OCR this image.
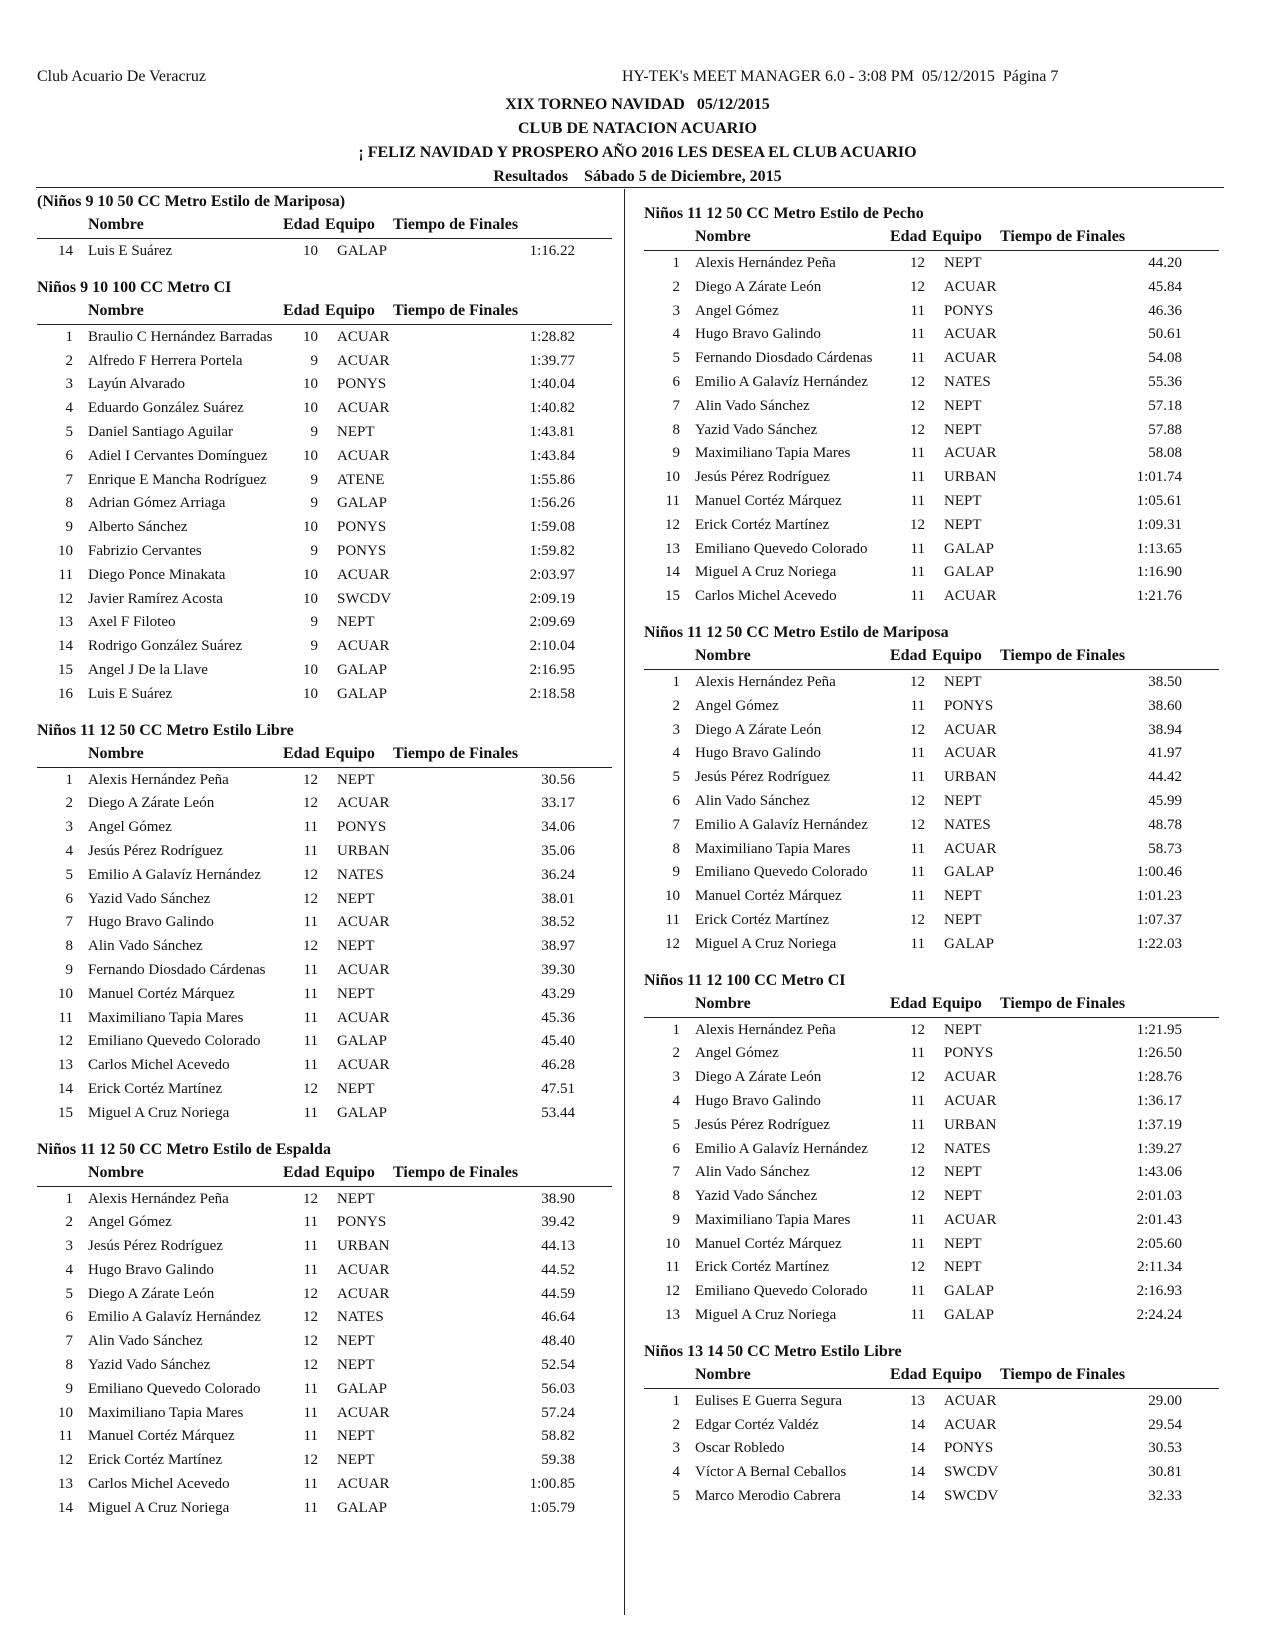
Club Acuario De Veracruz	HY-TEK's MEET MANAGER 6.0 - 3:08 PM  05/12/2015  Página 7
XIX TORNEO NAVIDAD   05/12/2015
CLUB DE NATACION ACUARIO
¡ FELIZ NAVIDAD Y PROSPERO AÑO 2016 LES DESEA EL CLUB ACUARIO
Resultados    Sábado 5 de Diciembre, 2015
(Niños 9 10 50 CC Metro Estilo de Mariposa)
Nombre	Edad Equipo Tiempo de Finales
14 Luis E Suárez	10 GALAP	1:16.22
Niños 9 10 100 CC Metro CI
Nombre	Edad Equipo Tiempo de Finales
1 Braulio C Hernández Barradas	10 ACUAR	1:28.82
2 Alfredo F Herrera Portela	9 ACUAR	1:39.77
3 Layún Alvarado	10 PONYS	1:40.04
4 Eduardo González Suárez	10 ACUAR	1:40.82
5 Daniel Santiago Aguilar	9 NEPT	1:43.81
6 Adiel I Cervantes Domínguez	10 ACUAR	1:43.84
7 Enrique E Mancha Rodríguez	9 ATENE	1:55.86
8 Adrian Gómez Arriaga	9 GALAP	1:56.26
9 Alberto Sánchez	10 PONYS	1:59.08
10 Fabrizio Cervantes	9 PONYS	1:59.82
11 Diego Ponce Minakata	10 ACUAR	2:03.97
12 Javier Ramírez Acosta	10 SWCDV	2:09.19
13 Axel F Filoteo	9 NEPT	2:09.69
14 Rodrigo González Suárez	9 ACUAR	2:10.04
15 Angel J De la Llave	10 GALAP	2:16.95
16 Luis E Suárez	10 GALAP	2:18.58
Niños 11 12 50 CC Metro Estilo Libre
Nombre	Edad Equipo Tiempo de Finales
1 Alexis Hernández Peña	12 NEPT	30.56
2 Diego A Zárate León	12 ACUAR	33.17
3 Angel Gómez	11 PONYS	34.06
4 Jesús Pérez Rodríguez	11 URBAN	35.06
5 Emilio A Galavíz Hernández	12 NATES	36.24
6 Yazid Vado Sánchez	12 NEPT	38.01
7 Hugo Bravo Galindo	11 ACUAR	38.52
8 Alin Vado Sánchez	12 NEPT	38.97
9 Fernando Diosdado Cárdenas	11 ACUAR	39.30
10 Manuel Cortéz Márquez	11 NEPT	43.29
11 Maximiliano Tapia Mares	11 ACUAR	45.36
12 Emiliano Quevedo Colorado	11 GALAP	45.40
13 Carlos Michel Acevedo	11 ACUAR	46.28
14 Erick Cortéz Martínez	12 NEPT	47.51
15 Miguel A Cruz Noriega	11 GALAP	53.44
Niños 11 12 50 CC Metro Estilo de Espalda
Nombre	Edad Equipo Tiempo de Finales
1 Alexis Hernández Peña	12 NEPT	38.90
2 Angel Gómez	11 PONYS	39.42
3 Jesús Pérez Rodríguez	11 URBAN	44.13
4 Hugo Bravo Galindo	11 ACUAR	44.52
5 Diego A Zárate León	12 ACUAR	44.59
6 Emilio A Galavíz Hernández	12 NATES	46.64
7 Alin Vado Sánchez	12 NEPT	48.40
8 Yazid Vado Sánchez	12 NEPT	52.54
9 Emiliano Quevedo Colorado	11 GALAP	56.03
10 Maximiliano Tapia Mares	11 ACUAR	57.24
11 Manuel Cortéz Márquez	11 NEPT	58.82
12 Erick Cortéz Martínez	12 NEPT	59.38
13 Carlos Michel Acevedo	11 ACUAR	1:00.85
14 Miguel A Cruz Noriega	11 GALAP	1:05.79
Niños 11 12 50 CC Metro Estilo de Pecho
Nombre	Edad Equipo Tiempo de Finales
1 Alexis Hernández Peña	12 NEPT	44.20
2 Diego A Zárate León	12 ACUAR	45.84
3 Angel Gómez	11 PONYS	46.36
4 Hugo Bravo Galindo	11 ACUAR	50.61
5 Fernando Diosdado Cárdenas	11 ACUAR	54.08
6 Emilio A Galavíz Hernández	12 NATES	55.36
7 Alin Vado Sánchez	12 NEPT	57.18
8 Yazid Vado Sánchez	12 NEPT	57.88
9 Maximiliano Tapia Mares	11 ACUAR	58.08
10 Jesús Pérez Rodríguez	11 URBAN	1:01.74
11 Manuel Cortéz Márquez	11 NEPT	1:05.61
12 Erick Cortéz Martínez	12 NEPT	1:09.31
13 Emiliano Quevedo Colorado	11 GALAP	1:13.65
14 Miguel A Cruz Noriega	11 GALAP	1:16.90
15 Carlos Michel Acevedo	11 ACUAR	1:21.76
Niños 11 12 50 CC Metro Estilo de Mariposa
Nombre	Edad Equipo Tiempo de Finales
1 Alexis Hernández Peña	12 NEPT	38.50
2 Angel Gómez	11 PONYS	38.60
3 Diego A Zárate León	12 ACUAR	38.94
4 Hugo Bravo Galindo	11 ACUAR	41.97
5 Jesús Pérez Rodríguez	11 URBAN	44.42
6 Alin Vado Sánchez	12 NEPT	45.99
7 Emilio A Galavíz Hernández	12 NATES	48.78
8 Maximiliano Tapia Mares	11 ACUAR	58.73
9 Emiliano Quevedo Colorado	11 GALAP	1:00.46
10 Manuel Cortéz Márquez	11 NEPT	1:01.23
11 Erick Cortéz Martínez	12 NEPT	1:07.37
12 Miguel A Cruz Noriega	11 GALAP	1:22.03
Niños 11 12 100 CC Metro CI
Nombre	Edad Equipo Tiempo de Finales
1 Alexis Hernández Peña	12 NEPT	1:21.95
2 Angel Gómez	11 PONYS	1:26.50
3 Diego A Zárate León	12 ACUAR	1:28.76
4 Hugo Bravo Galindo	11 ACUAR	1:36.17
5 Jesús Pérez Rodríguez	11 URBAN	1:37.19
6 Emilio A Galavíz Hernández	12 NATES	1:39.27
7 Alin Vado Sánchez	12 NEPT	1:43.06
8 Yazid Vado Sánchez	12 NEPT	2:01.03
9 Maximiliano Tapia Mares	11 ACUAR	2:01.43
10 Manuel Cortéz Márquez	11 NEPT	2:05.60
11 Erick Cortéz Martínez	12 NEPT	2:11.34
12 Emiliano Quevedo Colorado	11 GALAP	2:16.93
13 Miguel A Cruz Noriega	11 GALAP	2:24.24
Niños 13 14 50 CC Metro Estilo Libre
Nombre	Edad Equipo Tiempo de Finales
1 Eulises E Guerra Segura	13 ACUAR	29.00
2 Edgar Cortéz Valdéz	14 ACUAR	29.54
3 Oscar Robledo	14 PONYS	30.53
4 Víctor A Bernal Ceballos	14 SWCDV	30.81
5 Marco Merodio Cabrera	14 SWCDV	32.33
